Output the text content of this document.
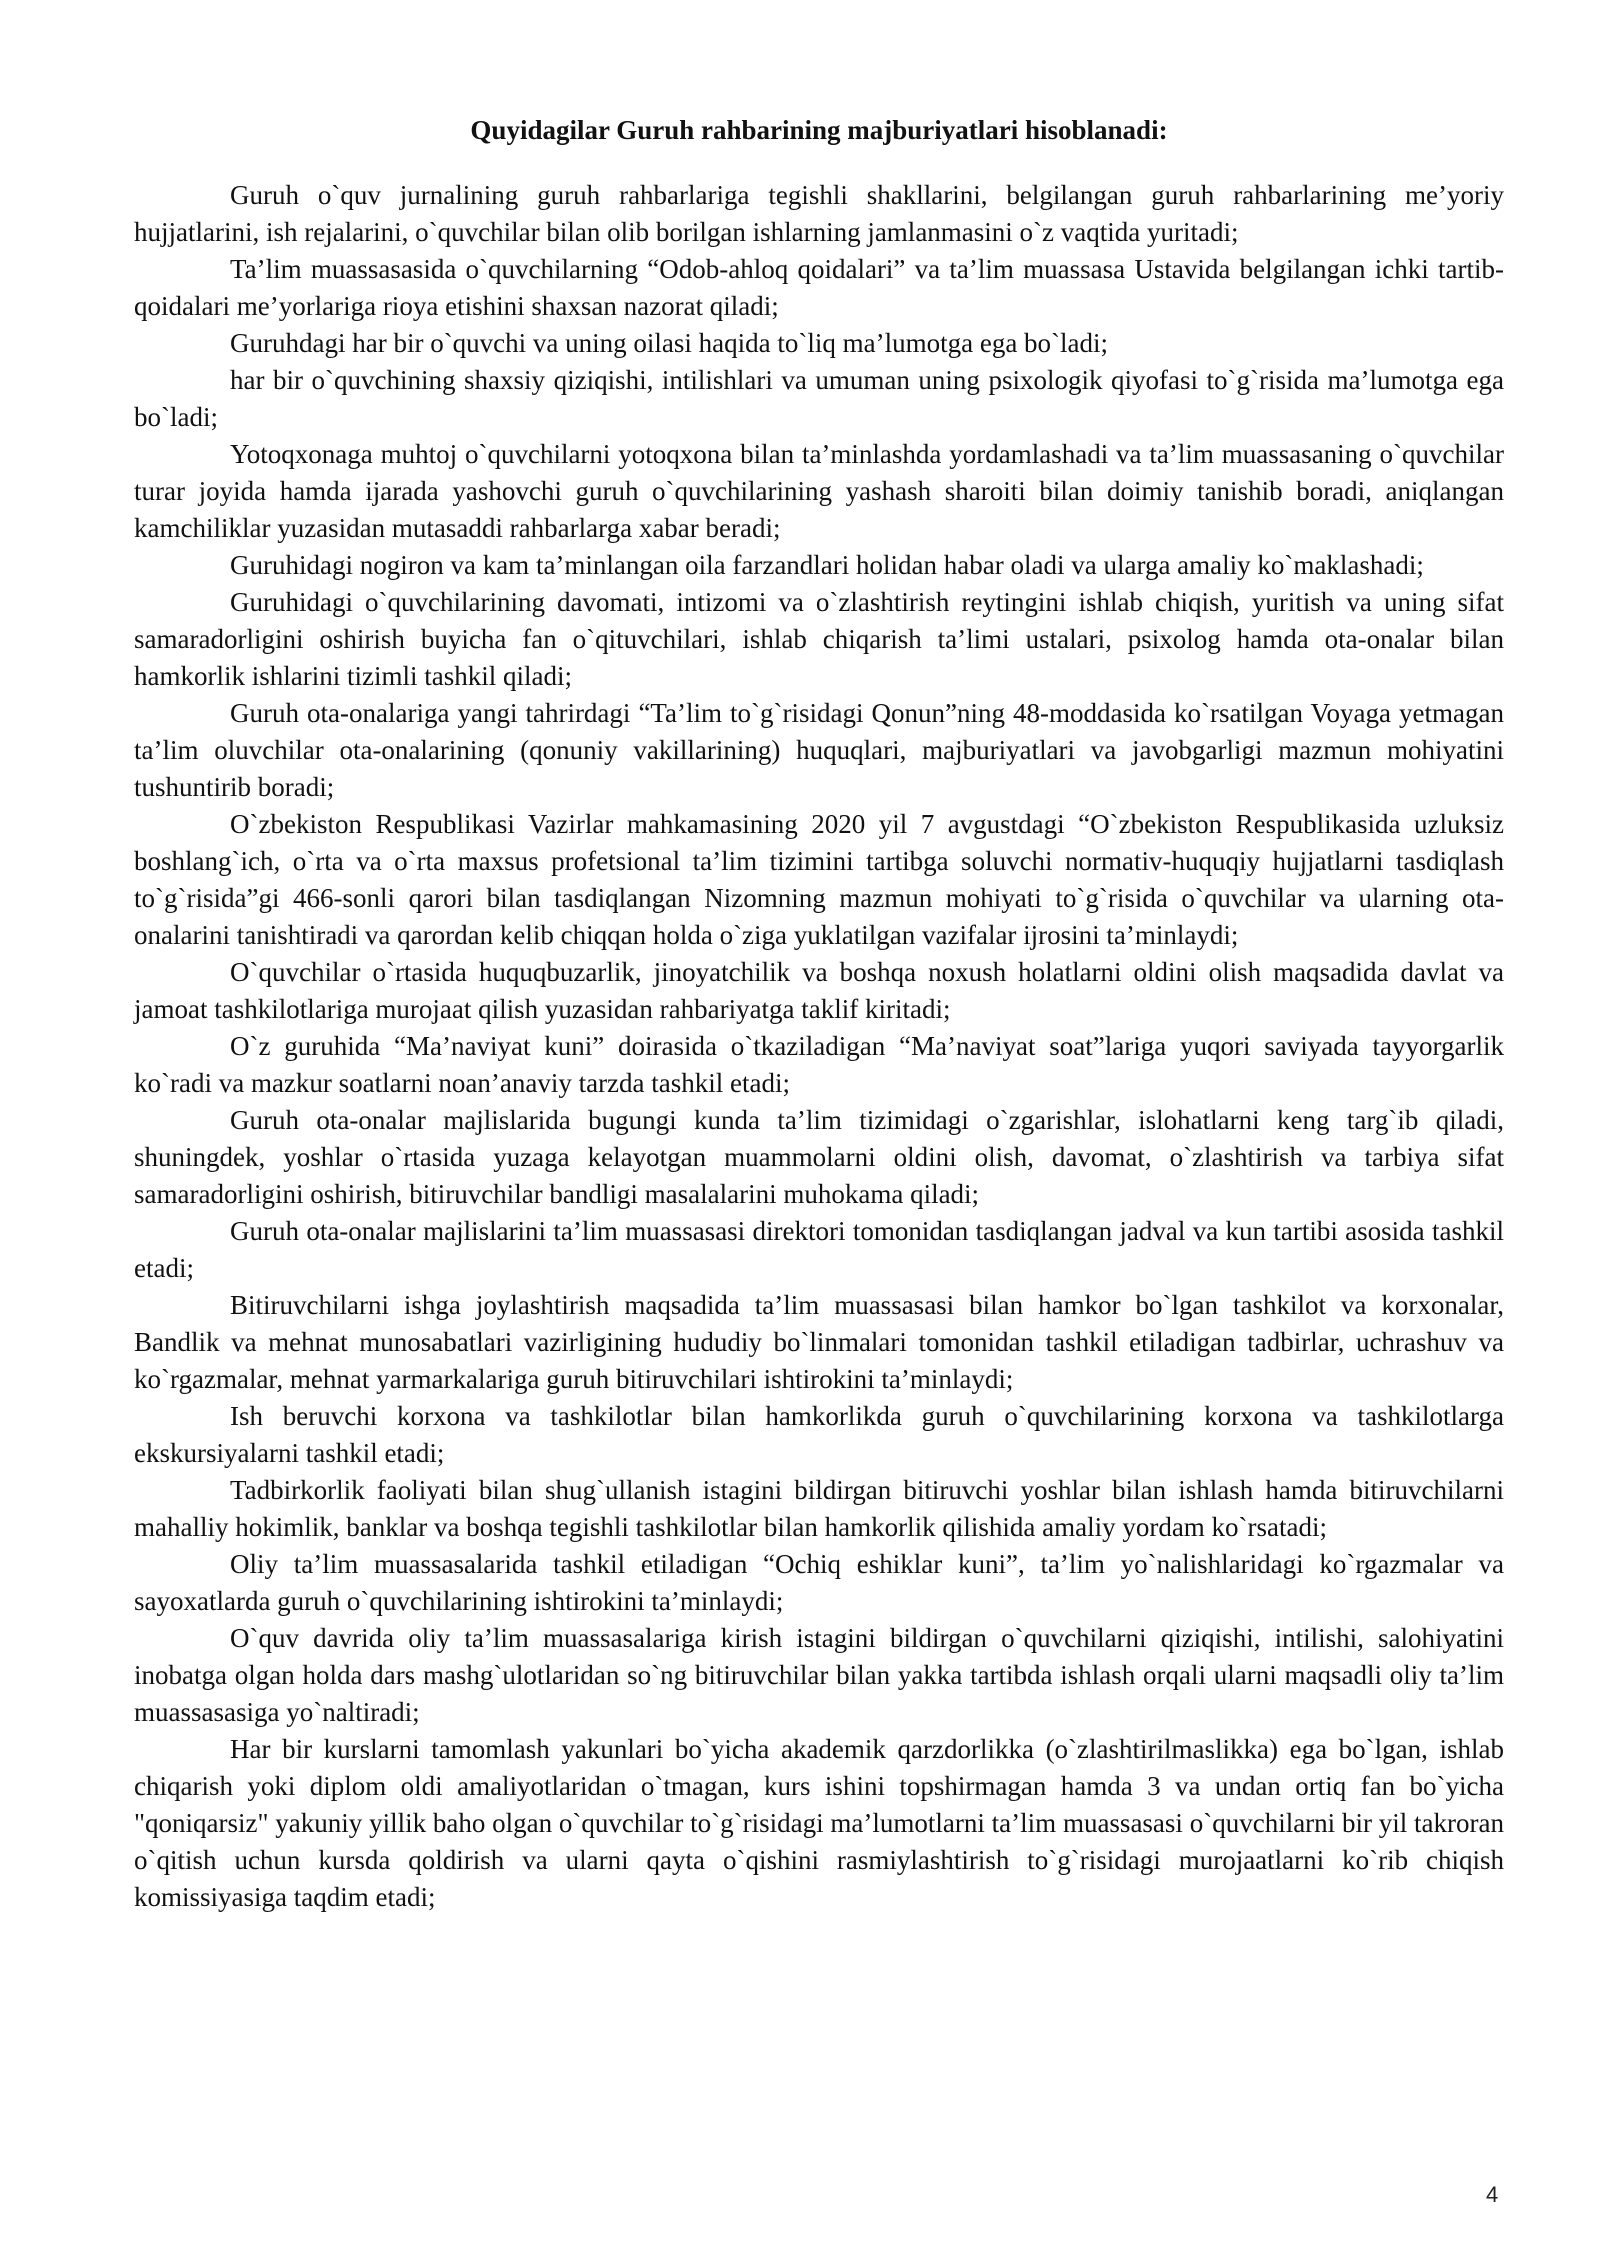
Quyidagilar Guruh rahbarining majburiyatlari hisoblanadi:

Guruh o`quv jurnalining guruh rahbarlariga tegishli shakllarini, belgilangan guruh rahbarlarining me’yoriy hujjatlarini, ish rejalarini, o`quvchilar bilan olib borilgan ishlarning jamlanmasini o`z vaqtida yuritadi;

Ta’lim muassasasida o`quvchilarning “Odob-ahloq qoidalari” va ta’lim muassasa Ustavida belgilangan ichki tartib-qoidalari me’yorlariga rioya etishini shaxsan nazorat qiladi;

Guruhdagi har bir o`quvchi va uning oilasi haqida to`liq ma’lumotga ega bo`ladi;

har bir o`quvchining shaxsiy qiziqishi, intilishlari va umuman uning psixologik qiyofasi to`g`risida ma’lumotga ega bo`ladi;

Yotoqxonaga muhtoj o`quvchilarni yotoqxona bilan ta’minlashda yordamlashadi va ta’lim muassasaning o`quvchilar turar joyida hamda ijarada yashovchi guruh o`quvchilarining yashash sharoiti bilan doimiy tanishib boradi, aniqlangan kamchiliklar yuzasidan mutasaddi rahbarlarga xabar beradi;

Guruhidagi nogiron va kam ta’minlangan oila farzandlari holidan habar oladi va ularga amaliy ko`maklashadi;

Guruhidagi o`quvchilarining davomati, intizomi va o`zlashtirish reytingini ishlab chiqish, yuritish va uning sifat samaradorligini oshirish buyicha fan o`qituvchilari, ishlab chiqarish ta’limi ustalari, psixolog hamda ota-onalar bilan hamkorlik ishlarini tizimli tashkil qiladi;

Guruh ota-onalariga yangi tahrirdagi “Ta’lim to`g`risidagi Qonun”ning 48-moddasida ko`rsatilgan Voyaga yetmagan ta’lim oluvchilar ota-onalarining (qonuniy vakillarining) huquqlari, majburiyatlari va javobgarligi mazmun mohiyatini tushuntirib boradi;

O`zbekiston Respublikasi Vazirlar mahkamasining 2020 yil 7 avgustdagi “O`zbekiston Respublikasida uzluksiz boshlang`ich, o`rta va o`rta maxsus profetsional ta’lim tizimini tartibga soluvchi normativ-huquqiy hujjatlarni tasdiqlash to`g`risida”gi 466-sonli qarori bilan tasdiqlangan Nizomning mazmun mohiyati to`g`risida o`quvchilar va ularning ota-onalarini tanishtiradi va qarordan kelib chiqqan holda o`ziga yuklatilgan vazifalar ijrosini ta’minlaydi;

O`quvchilar o`rtasida huquqbuzarlik, jinoyatchilik va boshqa noxush holatlarni oldini olish maqsadida davlat va jamoat tashkilotlariga murojaat qilish yuzasidan rahbariyatga taklif kiritadi;

O`z guruhida “Ma’naviyat kuni” doirasida o`tkaziladigan “Ma’naviyat soat”lariga yuqori saviyada tayyorgarlik ko`radi va mazkur soatlarni noan’anaviy tarzda tashkil etadi;

Guruh ota-onalar majlislarida bugungi kunda ta’lim tizimidagi o`zgarishlar, islohatlarni keng targ`ib qiladi, shuningdek, yoshlar o`rtasida yuzaga kelayotgan muammolarni oldini olish, davomat, o`zlashtirish va tarbiya sifat samaradorligini oshirish, bitiruvchilar bandligi masalalarini muhokama qiladi;

Guruh ota-onalar majlislarini ta’lim muassasasi direktori tomonidan tasdiqlangan jadval va kun tartibi asosida tashkil etadi;

Bitiruvchilarni ishga joylashtirish maqsadida ta’lim muassasasi bilan hamkor bo`lgan tashkilot va korxonalar, Bandlik va mehnat munosabatlari vazirligining hududiy bo`linmalari tomonidan tashkil etiladigan tadbirlar, uchrashuv va ko`rgazmalar, mehnat yarmarkalariga guruh bitiruvchilari ishtirokini ta’minlaydi;

Ish beruvchi korxona va tashkilotlar bilan hamkorlikda guruh o`quvchilarining korxona va tashkilotlarga ekskursiyalarni tashkil etadi;

Tadbirkorlik faoliyati bilan shug`ullanish istagini bildirgan bitiruvchi yoshlar bilan ishlash hamda bitiruvchilarni mahalliy hokimlik, banklar va boshqa tegishli tashkilotlar bilan hamkorlik qilishida amaliy yordam ko`rsatadi;

Oliy ta’lim muassasalarida tashkil etiladigan “Ochiq eshiklar kuni”, ta’lim yo`nalishlaridagi ko`rgazmalar va sayoxatlarda guruh o`quvchilarining ishtirokini ta’minlaydi;

O`quv davrida oliy ta’lim muassasalariga kirish istagini bildirgan o`quvchilarni qiziqishi, intilishi, salohiyatini inobatga olgan holda dars mashg`ulotlaridan so`ng bitiruvchilar bilan yakka tartibda ishlash orqali ularni maqsadli oliy ta’lim muassasasiga yo`naltiradi;

Har bir kurslarni tamomlash yakunlari bo`yicha akademik qarzdorlikka (o`zlashtirilmaslikka) ega bo`lgan, ishlab chiqarish yoki diplom oldi amaliyotlaridan o`tmagan, kurs ishini topshirmagan hamda 3 va undan ortiq fan bo`yicha "qoniqarsiz" yakuniy yillik baho olgan o`quvchilar to`g`risidagi ma’lumotlarni ta’lim muassasasi o`quvchilarni bir yil takroran o`qitish uchun kursda qoldirish va ularni qayta o`qishini rasmiylashtirish to`g`risidagi murojaatlarni ko`rib chiqish komissiyasiga taqdim etadi;

4
